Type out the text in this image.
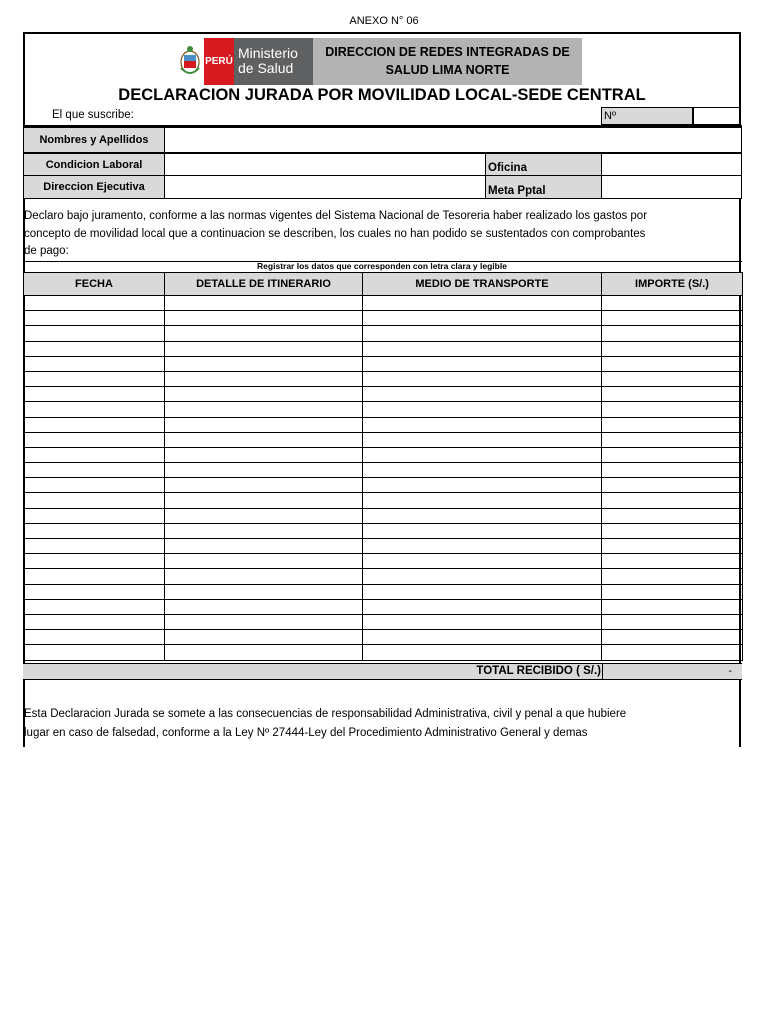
ANEXO N° 06
PERÚ
Ministerio de Salud
DIRECCION DE REDES INTEGRADAS DE
SALUD LIMA NORTE
DECLARACION JURADA POR MOVILIDAD LOCAL-SEDE CENTRAL
El que suscribe:	Nº
Nombres y Apellidos
Condicion Laboral	Oficina
Direccion Ejecutiva	Meta Pptal
Declaro bajo juramento, conforme a las normas vigentes del Sistema Nacional de Tesoreria haber realizado los gastos por
concepto de movilidad local que a continuacion se describen, los cuales no han podido se sustentados con comprobantes
de pago:
Registrar los datos que corresponden con letra clara y legible
FECHA	DETALLE DE ITINERARIO	MEDIO DE TRANSPORTE	IMPORTE (S/.)

TOTAL RECIBIDO ( S/.)	-
Esta Declaracion Jurada se somete a las consecuencias de responsabilidad Administrativa, civil y penal a que hubiere
lugar en caso de falsedad, conforme a la Ley Nº 27444-Ley del Procedimiento Administrativo General y demas
